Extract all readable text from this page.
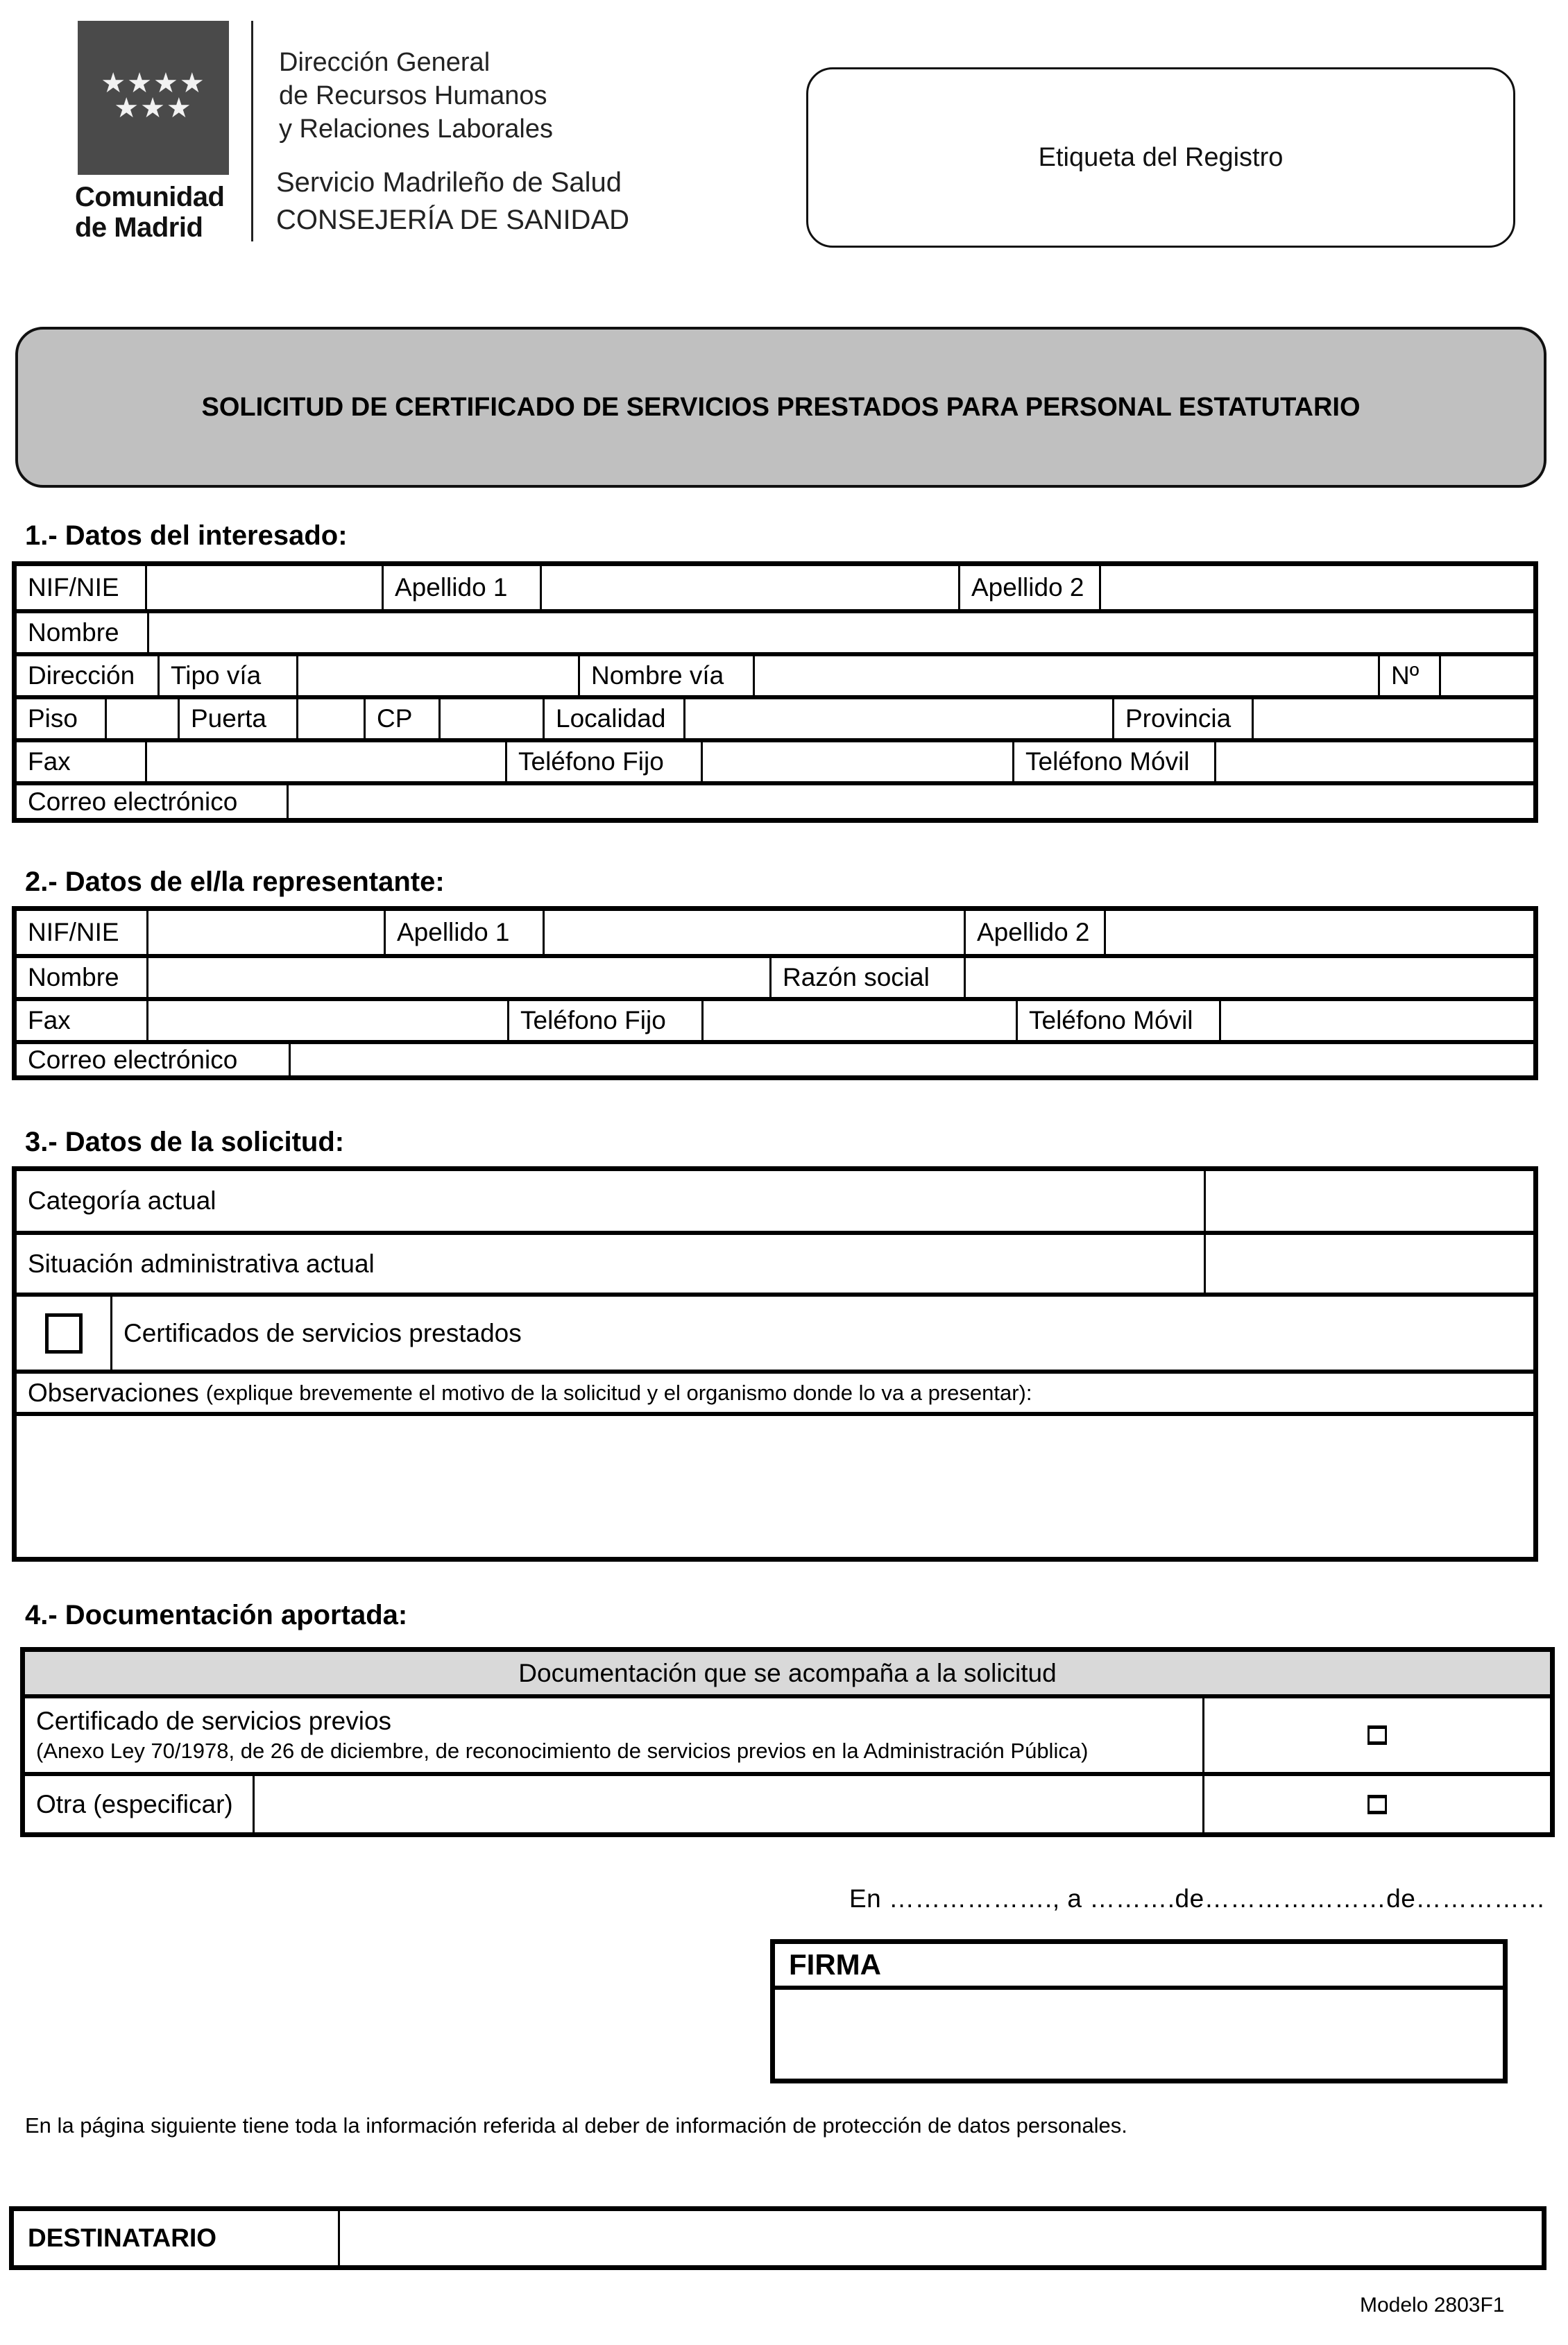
★★★★
★★★
Comunidad
de Madrid
Dirección General
de Recursos Humanos
y Relaciones Laborales
Servicio Madrileño de Salud
CONSEJERÍA DE SANIDAD
Etiqueta del Registro
SOLICITUD DE CERTIFICADO DE SERVICIOS PRESTADOS PARA PERSONAL ESTATUTARIO
1.- Datos del interesado:
NIF/NIE	Apellido 1	Apellido 2
Nombre
Dirección	Tipo vía	Nombre vía	Nº
Piso	Puerta	CP	Localidad	Provincia
Fax	Teléfono Fijo	Teléfono Móvil
Correo electrónico
2.- Datos de el/la representante:
NIF/NIE	Apellido 1	Apellido 2
Nombre	Razón social
Fax	Teléfono Fijo	Teléfono Móvil
Correo electrónico
3.- Datos de la solicitud:
Categoría actual
Situación administrativa actual
Certificados de servicios prestados
Observaciones (explique brevemente el motivo de la solicitud y el organismo donde lo va a presentar):
4.- Documentación aportada:
Documentación que se acompaña a la solicitud
Certificado de servicios previos
(Anexo Ley 70/1978, de 26 de diciembre, de reconocimiento de servicios previos en la Administración Pública)
Otra (especificar)
En ………………., a ……….de…………………de……………
FIRMA
En la página siguiente tiene toda la información referida al deber de información de protección de datos personales.
DESTINATARIO
Modelo 2803F1
